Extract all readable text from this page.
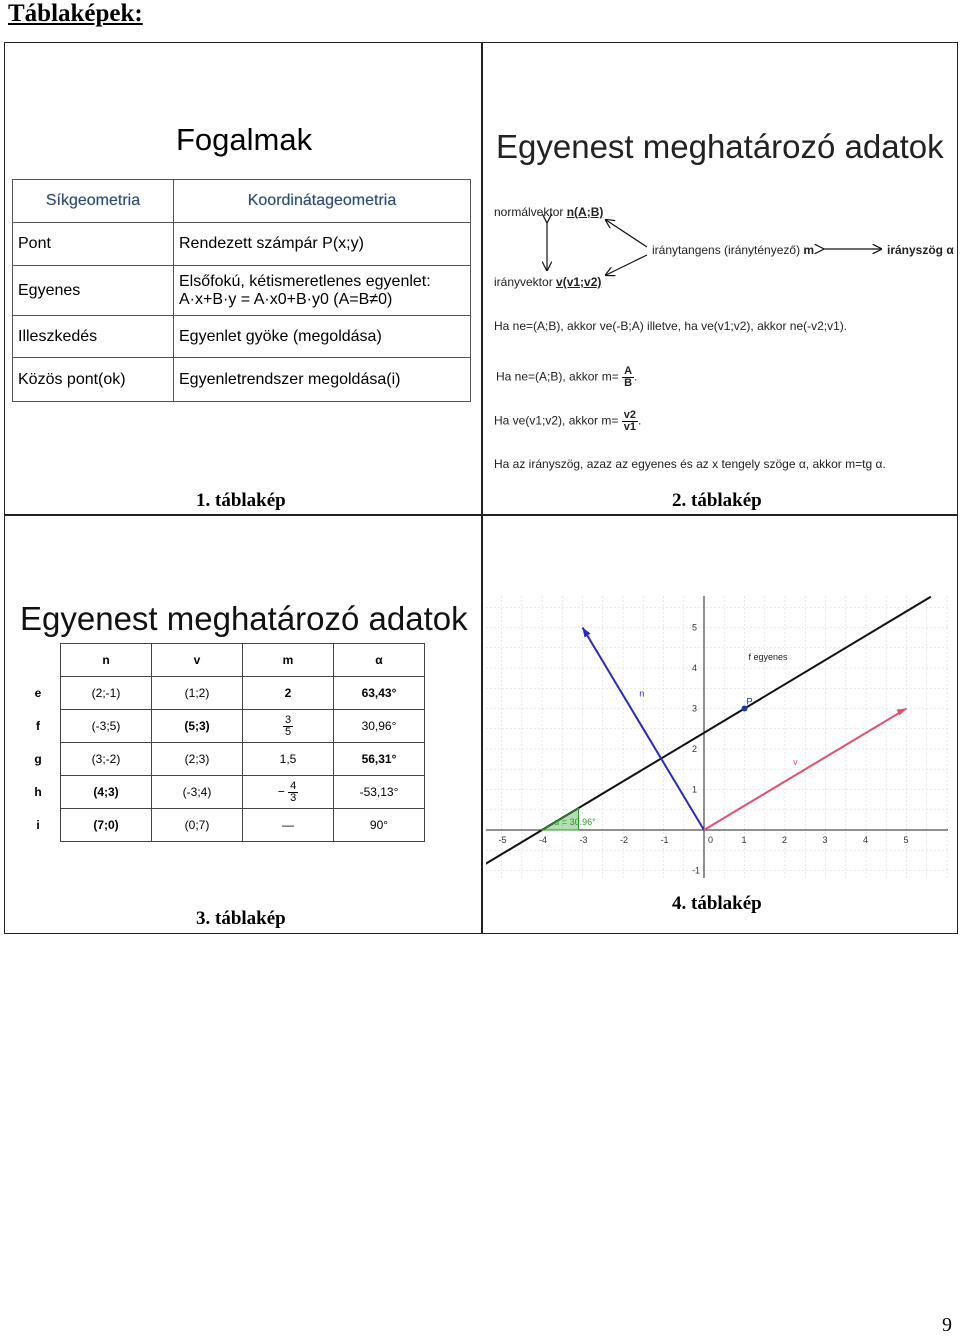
Táblaképek:
Fogalmak
Síkgeometria	Koordinátageometria
Pont	Rendezett számpár P(x;y)
Egyenes	Elsőfokú, kétismeretlenes egyenlet:
A·x+B·y = A·x0+B·y0 (A=B≠0)

Illeszkedés	Egyenlet gyöke (megoldása)
Közös pont(ok)	Egyenletrendszer megoldása(i)
1. táblakép
Egyenest meghatározó adatok
normálvektor n(A;B)
irányvektor v(v1;v2)
iránytangens (iránytényező) m	irányszög α
Ha ne=(A;B), akkor ve(-B;A) illetve, ha ve(v1;v2), akkor ne(-v2;v1).
Ha ne=(A;B), akkor $m= \frac{A}{B}$ .
Ha ve(v1;v2), akkor $m= \frac{v2}{v1}$ .
Ha az irányszög, azaz az egyenes és az x tengely szöge α, akkor m=tg α.
2. táblakép
Egyenest meghatározó adatok
	n	v	m	α
e	(2;-1)	(1;2)	2	63,43°
f	(-3;5)	(5;3)	$\frac{3}{5}$	30,96°
g	(3;-2)	(2;3)	1,5	56,31°
h	(4;3)	(-3;4)	− $\frac{4}{3}$	-53,13°
i	(7;0)	(0;7)	—	90°
3. táblakép
-5	-4	-3	-2	-1	0	1	2	3	4	5
5
4
3
2
1
-1
α = 30.96°
P
f egyenes
n
v
4. táblakép
9
